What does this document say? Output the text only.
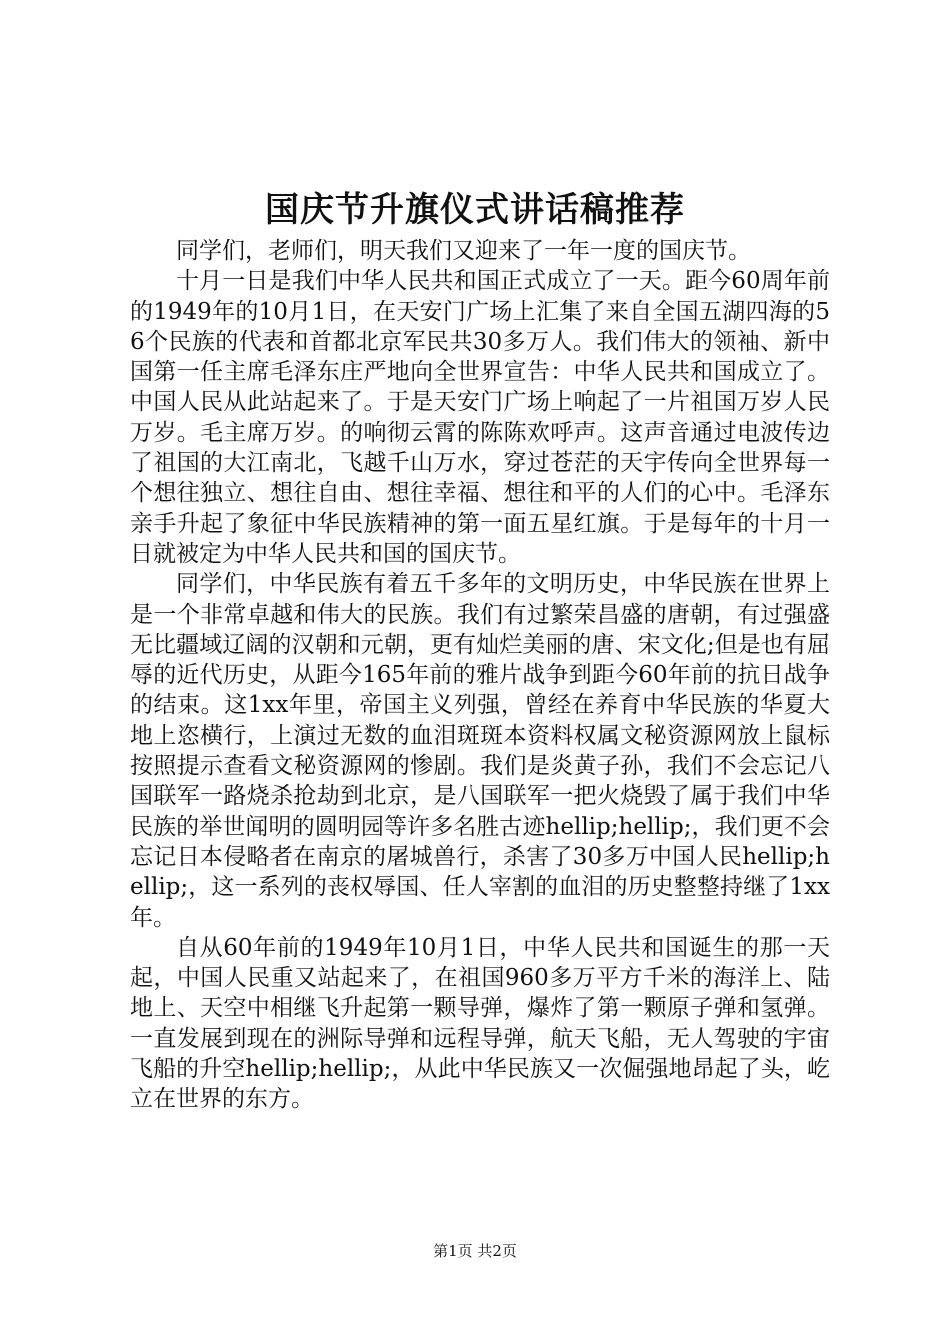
国庆节升旗仪式讲话稿推荐

同学们，老师们，明天我们又迎来了一年一度的国庆节。

十月一日是我们中华人民共和国正式成立了一天。距今60周年前的1949年的10月1日，在天安门广场上汇集了来自全国五湖四海的56个民族的代表和首都北京军民共30多万人。我们伟大的领袖、新中国第一任主席毛泽东庄严地向全世界宣告：中华人民共和国成立了。中国人民从此站起来了。于是天安门广场上响起了一片祖国万岁人民万岁。毛主席万岁。的响彻云霄的陈陈欢呼声。这声音通过电波传边了祖国的大江南北，飞越千山万水，穿过苍茫的天宇传向全世界每一个想往独立、想往自由、想往幸福、想往和平的人们的心中。毛泽东亲手升起了象征中华民族精神的第一面五星红旗。于是每年的十月一日就被定为中华人民共和国的国庆节。

同学们，中华民族有着五千多年的文明历史，中华民族在世界上是一个非常卓越和伟大的民族。我们有过繁荣昌盛的唐朝，有过强盛无比疆域辽阔的汉朝和元朝，更有灿烂美丽的唐、宋文化;但是也有屈辱的近代历史，从距今165年前的雅片战争到距今60年前的抗日战争的结束。这1xx年里，帝国主义列强，曾经在养育中华民族的华夏大地上恣横行，上演过无数的血泪斑斑本资料权属文秘资源网放上鼠标按照提示查看文秘资源网的惨剧。我们是炎黄子孙，我们不会忘记八国联军一路烧杀抢劫到北京，是八国联军一把火烧毁了属于我们中华民族的举世闻明的圆明园等许多名胜古迹hellip;hellip;，我们更不会忘记日本侵略者在南京的屠城兽行，杀害了30多万中国人民hellip;hellip;，这一系列的丧权辱国、任人宰割的血泪的历史整整持继了1xx年。

自从60年前的1949年10月1日，中华人民共和国诞生的那一天起，中国人民重又站起来了，在祖国960多万平方千米的海洋上、陆地上、天空中相继飞升起第一颗导弹，爆炸了第一颗原子弹和氢弹。一直发展到现在的洲际导弹和远程导弹，航天飞船，无人驾驶的宇宙飞船的升空hellip;hellip;，从此中华民族又一次倔强地昂起了头，屹立在世界的东方。

第1页 共2页
